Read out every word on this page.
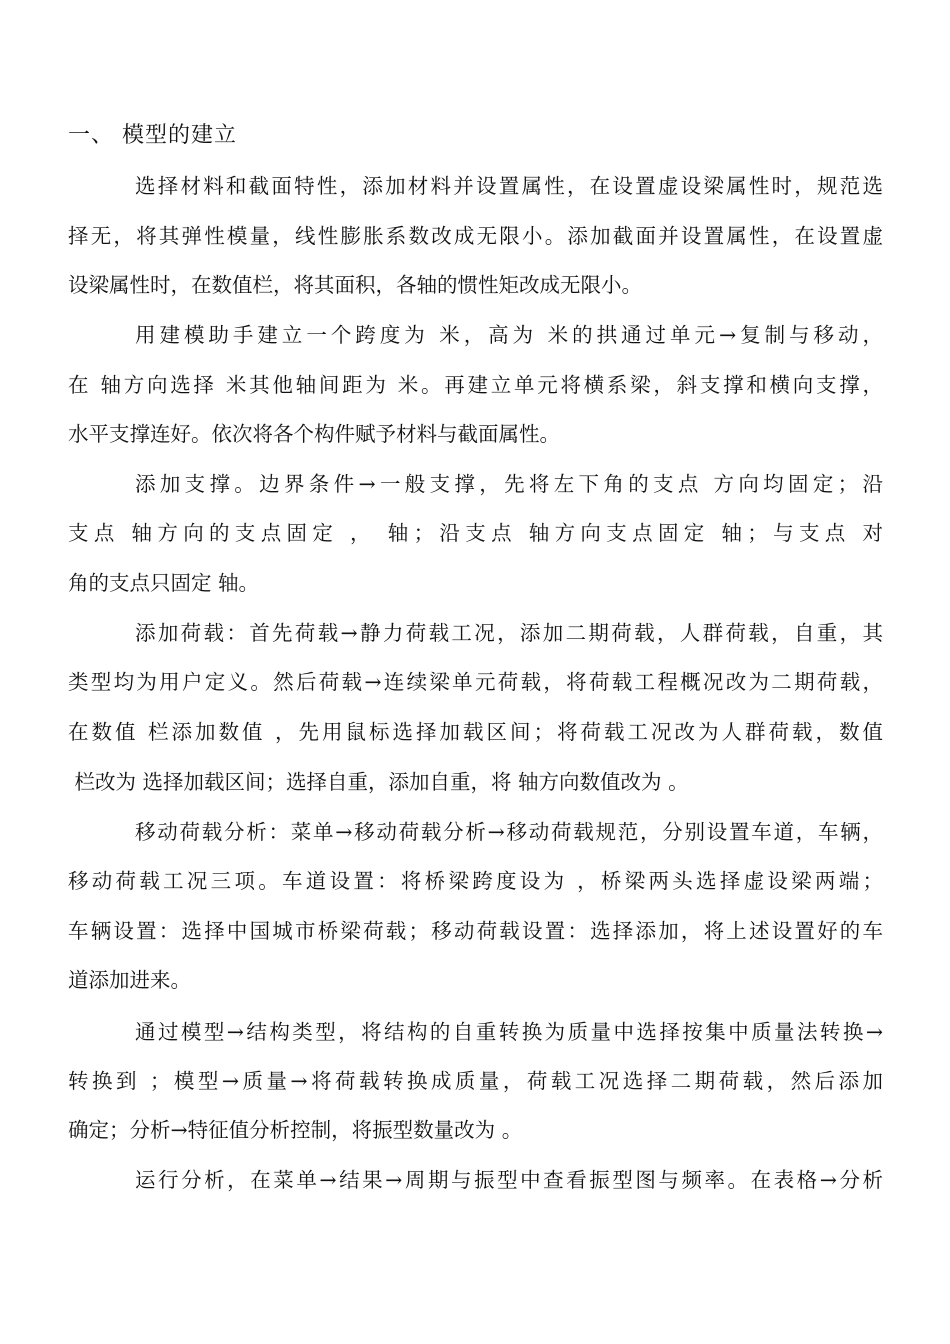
一、 模型的建立
选择材料和截面特性，添加材料并设置属性，在设置虚设梁属性时，规范选
择无，将其弹性模量，线性膨胀系数改成无限小。添加截面并设置属性，在设置虚
设梁属性时，在数值栏，将其面积，各轴的惯性矩改成无限小。
用建模助手建立一个跨度为 米，高为 米的拱通过单元→复制与移动，
在 轴方向选择 米其他轴间距为 米。再建立单元将横系梁，斜支撑和横向支撑，
水平支撑连好。依次将各个构件赋予材料与截面属性。
添加支撑。边界条件→一般支撑，先将左下角的支点 方向均固定；沿
支点 轴方向的支点固定 ， 轴；沿支点 轴方向支点固定 轴；与支点 对
角的支点只固定 轴。
添加荷载：首先荷载→静力荷载工况，添加二期荷载，人群荷载，自重，其
类型均为用户定义。然后荷载→连续梁单元荷载，将荷载工程概况改为二期荷载，
在数值 栏添加数值 ，先用鼠标选择加载区间；将荷载工况改为人群荷载，数值
栏改为 选择加载区间；选择自重，添加自重，将 轴方向数值改为 。
移动荷载分析：菜单→移动荷载分析→移动荷载规范，分别设置车道，车辆，
移动荷载工况三项。车道设置：将桥梁跨度设为 ，桥梁两头选择虚设梁两端；
车辆设置：选择中国城市桥梁荷载；移动荷载设置：选择添加，将上述设置好的车
道添加进来。
通过模型→结构类型，将结构的自重转换为质量中选择按集中质量法转换→
转换到 ；模型→质量→将荷载转换成质量，荷载工况选择二期荷载，然后添加
确定；分析→特征值分析控制，将振型数量改为 。
运行分析，在菜单→结果→周期与振型中查看振型图与频率。在表格→分析
